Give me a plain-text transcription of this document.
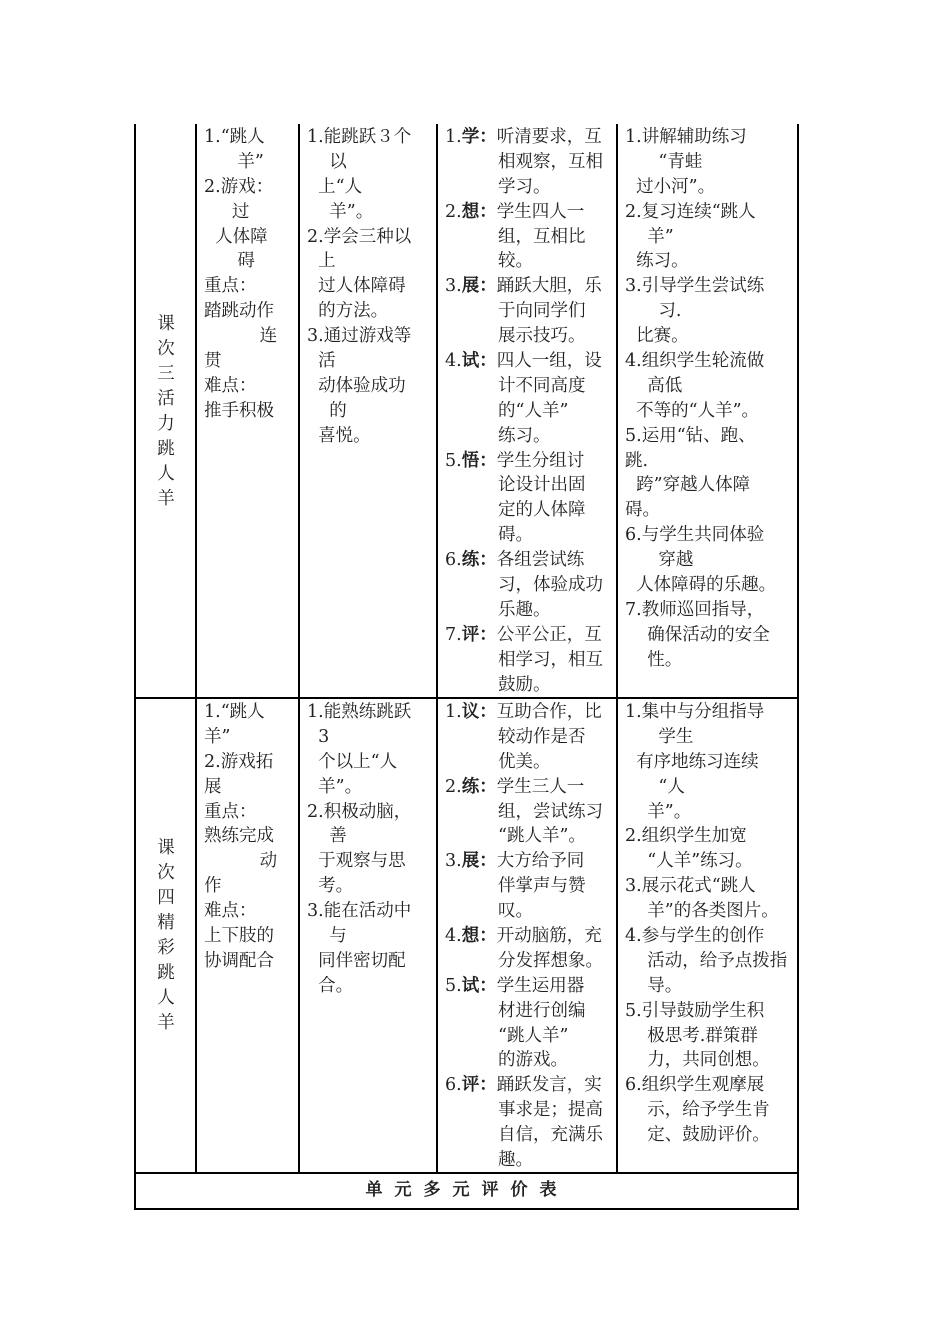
课
次
三
活
力
跳
人
羊
1.“跳人
羊”
2.游戏：
过
人体障
碍
重点：
踏跳动作
连
贯
难点：
推手积极
1.能跳跃３个
以
上“人
羊”。
2.学会三种以
上
过人体障碍
的方法。
3.通过游戏等
活
动体验成功
的
喜悦。
1.学：听清要求，互
相观察，互相
学习。
2.想：学生四人一
组，互相比
较。
3.展：踊跃大胆，乐
于向同学们
展示技巧。
4.试：四人一组，设
计不同高度
的“人羊”
练习。
5.悟：学生分组讨
论设计出固
定的人体障
碍。
6.练：各组尝试练
习，体验成功
乐趣。
7.评：公平公正，互
相学习，相互
鼓励。
1.讲解辅助练习
“青蛙
过小河”。
2.复习连续“跳人
羊”
练习。
3.引导学生尝试练
习.
比赛。
4.组织学生轮流做
高低
不等的“人羊”。
5.运用“钻、跑、
跳.
跨”穿越人体障
碍。
6.与学生共同体验
穿越
人体障碍的乐趣。
7.教师巡回指导，
确保活动的安全
性。
课
次
四
精
彩
跳
人
羊
1.“跳人
羊”
2.游戏拓
展
重点：
熟练完成
动
作
难点：
上下肢的
协调配合
1.能熟练跳跃
3
个以上“人
羊”。
2.积极动脑，
善
于观察与思
考。
3.能在活动中
与
同伴密切配
合。
1.议：互助合作，比
较动作是否
优美。
2.练：学生三人一
组，尝试练习
“跳人羊”。
3.展：大方给予同
伴掌声与赞
叹。
4.想：开动脑筋，充
分发挥想象。
5.试：学生运用器
材进行创编
“跳人羊”
的游戏。
6.评：踊跃发言，实
事求是；提高
自信，充满乐
趣。
1.集中与分组指导
学生
有序地练习连续
“人
羊”。
2.组织学生加宽
“人羊”练习。
3.展示花式“跳人
羊”的各类图片。
4.参与学生的创作
活动，给予点拨指
导。
5.引导鼓励学生积
极思考.群策群
力，共同创想。
6.组织学生观摩展
示，给予学生肯
定、鼓励评价。
单元多元评价表
